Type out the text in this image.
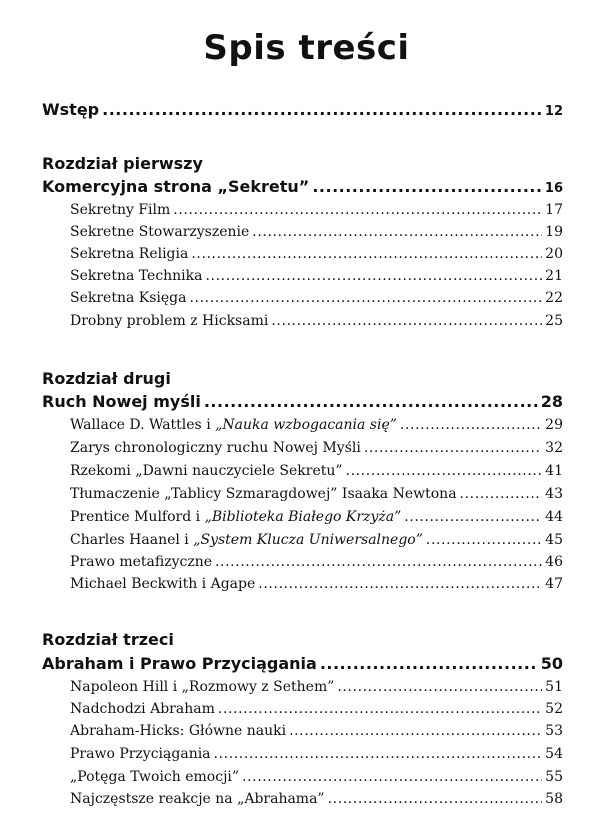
Spis treści
Wstęp .....	12
Rozdział pierwszy
Komercyjna strona „Sekretu” .....	16
Sekretny Film .....	17
Sekretne Stowarzyszenie .....	19
Sekretna Religia .....	20
Sekretna Technika .....	21
Sekretna Księga .....	22
Drobny problem z Hicksami .....	25
Rozdział drugi
Ruch Nowej myśli .....	28
Wallace D. Wattles i „Nauka wzbogacania się” .....	29
Zarys chronologiczny ruchu Nowej Myśli .....	32
Rzekomi „Dawni nauczyciele Sekretu” .....	41
Tłumaczenie „Tablicy Szmaragdowej” Isaaka Newtona .....	43
Prentice Mulford i „Biblioteka Białego Krzyża” .....	44
Charles Haanel i „System Klucza Uniwersalnego” .....	45
Prawo metafizyczne .....	46
Michael Beckwith i Agape .....	47
Rozdział trzeci
Abraham i Prawo Przyciągania .....	50
Napoleon Hill i „Rozmowy z Sethem” .....	51
Nadchodzi Abraham .....	52
Abraham-Hicks: Główne nauki .....	53
Prawo Przyciągania .....	54
„Potęga Twoich emocji” .....	55
Najczęstsze reakcje na „Abrahama” .....	58
